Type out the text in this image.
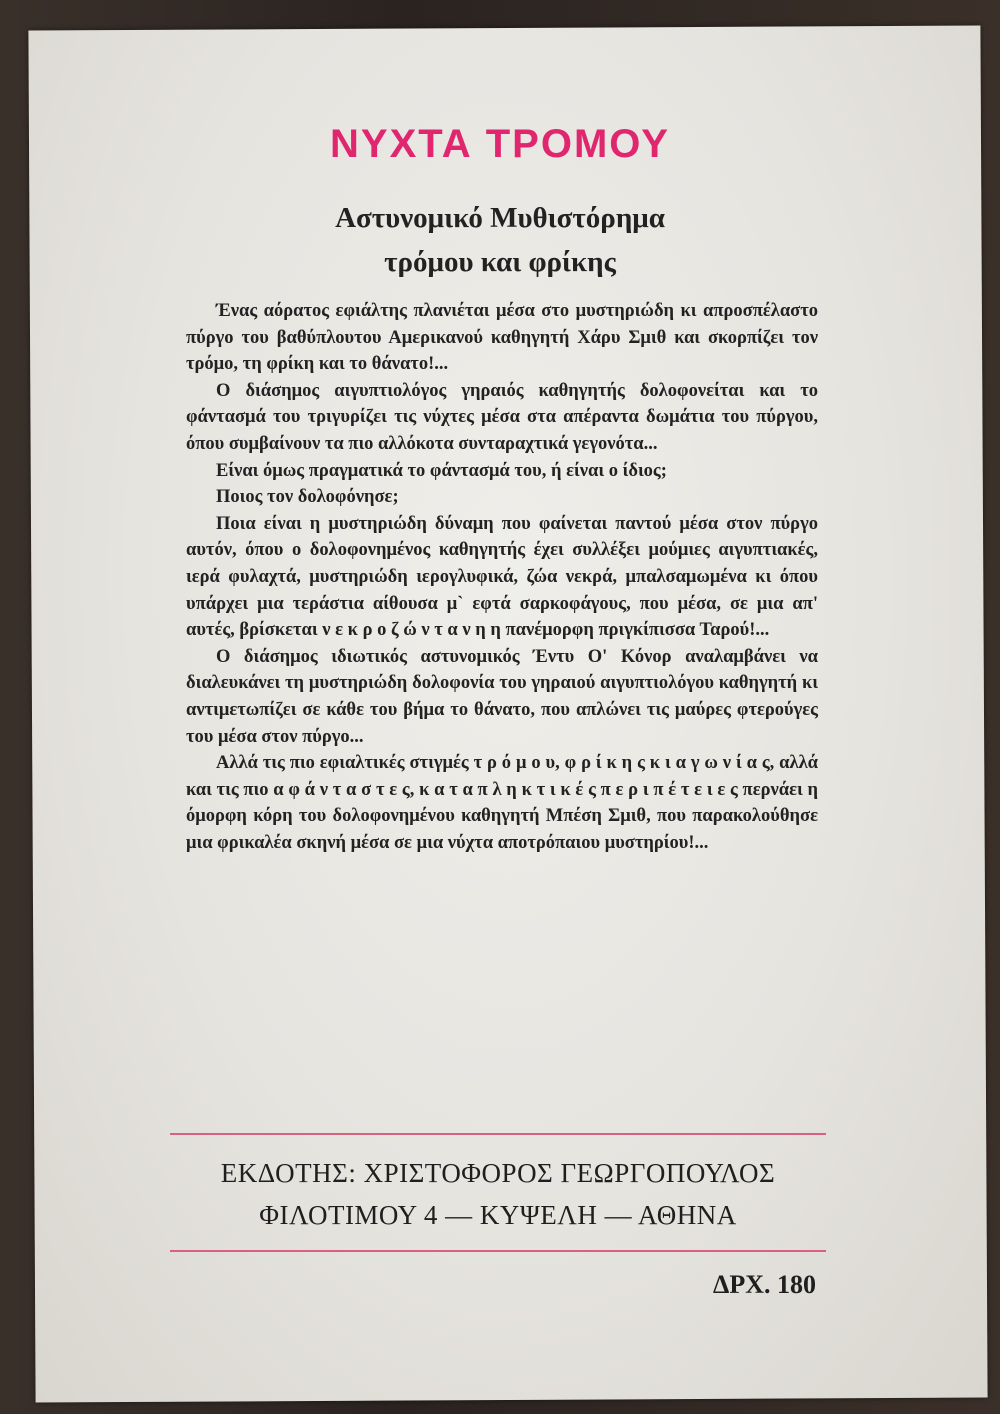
ΝΥΧΤΑ ΤΡΟΜΟΥ
Αστυνομικό Μυθιστόρημα
τρόμου και φρίκης

Ένας αόρατος εφιάλτης πλανιέται μέσα στο μυστηριώδη κι απροσπέλαστο πύργο του βαθύπλουτου Αμερικανού καθηγητή Χάρυ Σμιθ και σκορπίζει τον τρόμο, τη φρίκη και το θάνατο!...

Ο διάσημος αιγυπτιολόγος γηραιός καθηγητής δολοφονείται και το φάντασμά του τριγυρίζει τις νύχτες μέσα στα απέραντα δωμάτια του πύργου, όπου συμβαίνουν τα πιο αλλόκοτα συνταραχτικά γεγονότα...

Είναι όμως πραγματικά το φάντασμά του, ή είναι ο ίδιος;

Ποιος τον δολοφόνησε;

Ποια είναι η μυστηριώδη δύναμη που φαίνεται παντού μέσα στον πύργο αυτόν, όπου ο δολοφονημένος καθηγητής έχει συλλέξει μούμιες αιγυπτιακές, ιερά φυλαχτά, μυστηριώδη ιερογλυφικά, ζώα νεκρά, μπαλσαμωμένα κι όπου υπάρχει μια τεράστια αίθουσα μ` εφτά σαρκοφάγους, που μέσα, σε μια απ' αυτές, βρίσκεται ν ε κ ρ ο ζ ώ ν τ α ν η η πανέμορφη πριγκίπισσα Ταρού!...

Ο διάσημος ιδιωτικός αστυνομικός Έντυ Ο' Κόνορ αναλαμβάνει να διαλευκάνει τη μυστηριώδη δολοφονία του γηραιού αιγυπτιολόγου καθηγητή κι αντιμετωπίζει σε κάθε του βήμα το θάνατο, που απλώνει τις μαύρες φτερούγες του μέσα στον πύργο...

Αλλά τις πιο εφιαλτικές στιγμές τ ρ ό μ ο υ, φ ρ ί κ η ς κ ι α γ ω ν ί α ς, αλλά και τις πιο α φ ά ν τ α σ τ ε ς, κ α τ α π λ η κ τ ι κ έ ς π ε ρ ι π έ τ ε ι ε ς περνάει η όμορφη κόρη του δολοφονημένου καθηγητή Μπέση Σμιθ, που παρακολούθησε μια φρικαλέα σκηνή μέσα σε μια νύχτα αποτρόπαιου μυστηρίου!...

ΕΚΔΟΤΗΣ: ΧΡΙΣΤΟΦΟΡΟΣ ΓΕΩΡΓΟΠΟΥΛΟΣ
ΦΙΛΟΤΙΜΟΥ 4 — ΚΥΨΕΛΗ — ΑΘΗΝΑ
ΔΡΧ. 180
